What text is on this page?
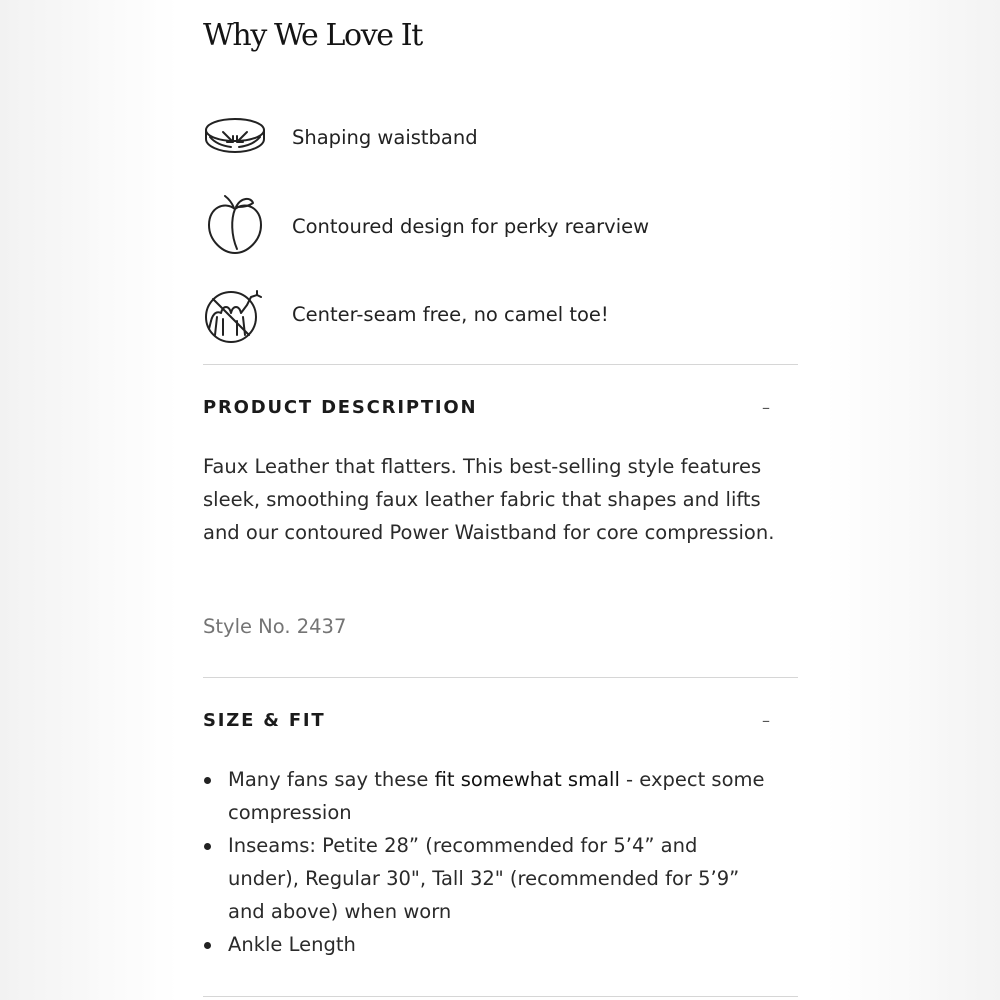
Why We Love It
Shaping waistband
Contoured design for perky rearview
Center-seam free, no camel toe!
PRODUCT DESCRIPTION	–

Faux Leather that flatters. This best-selling style features sleek, smoothing faux leather fabric that shapes and lifts and our contoured Power Waistband for core compression.

Style No. 2437
SIZE & FIT	–
Many fans say these fit somewhat small - expect some compression
Inseams: Petite 28” (recommended for 5’4” and under), Regular 30", Tall 32" (recommended for 5’9” and above) when worn
Ankle Length
